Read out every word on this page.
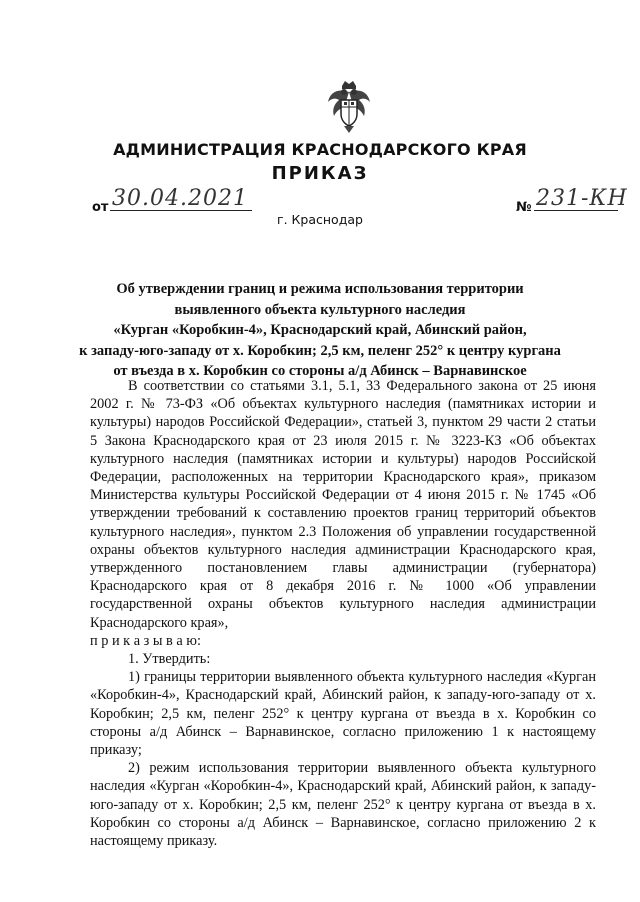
АДМИНИСТРАЦИЯ КРАСНОДАРСКОГО КРАЯ
ПРИКАЗ
от 30.04.2021	№ 231-КН
г. Краснодар
Об утверждении границ и режима использования территории
выявленного объекта культурного наследия
«Курган «Коробкин-4», Краснодарский край, Абинский район,
к западу-юго-западу от х. Коробкин; 2,5 км, пеленг 252° к центру кургана
от въезда в х. Коробкин со стороны а/д Абинск – Варнавинское

В соответствии со статьями 3.1, 5.1, 33 Федерального закона от 25 июня 2002 г. № 73-ФЗ «Об объектах культурного наследия (памятниках истории и культуры) народов Российской Федерации», статьей 3, пунктом 29 части 2 статьи 5 Закона Краснодарского края от 23 июля 2015 г. № 3223-КЗ «Об объектах культурного наследия (памятниках истории и культуры) народов Российской Федерации, расположенных на территории Краснодарского края», приказом Министерства культуры Российской Федерации от 4 июня 2015 г. № 1745 «Об утверждении требований к составлению проектов границ территорий объектов культурного наследия», пунктом 2.3 Положения об управлении государственной охраны объектов культурного наследия администрации Краснодарского края, утвержденного постановлением главы администрации (губернатора) Краснодарского края от 8 декабря 2016 г. № 1000 «Об управлении государственной охраны объектов культурного наследия администрации Краснодарского края»,

п р и к а з ы в а ю:

1. Утвердить:

1) границы территории выявленного объекта культурного наследия «Курган «Коробкин-4», Краснодарский край, Абинский район, к западу-юго-западу от х. Коробкин; 2,5 км, пеленг 252° к центру кургана от въезда в х. Коробкин со стороны а/д Абинск – Варнавинское, согласно приложению 1 к настоящему приказу;

2) режим использования территории выявленного объекта культурного наследия «Курган «Коробкин-4», Краснодарский край, Абинский район, к западу-юго-западу от х. Коробкин; 2,5 км, пеленг 252° к центру кургана от въезда в х. Коробкин со стороны а/д Абинск – Варнавинское, согласно приложению 2 к настоящему приказу.
